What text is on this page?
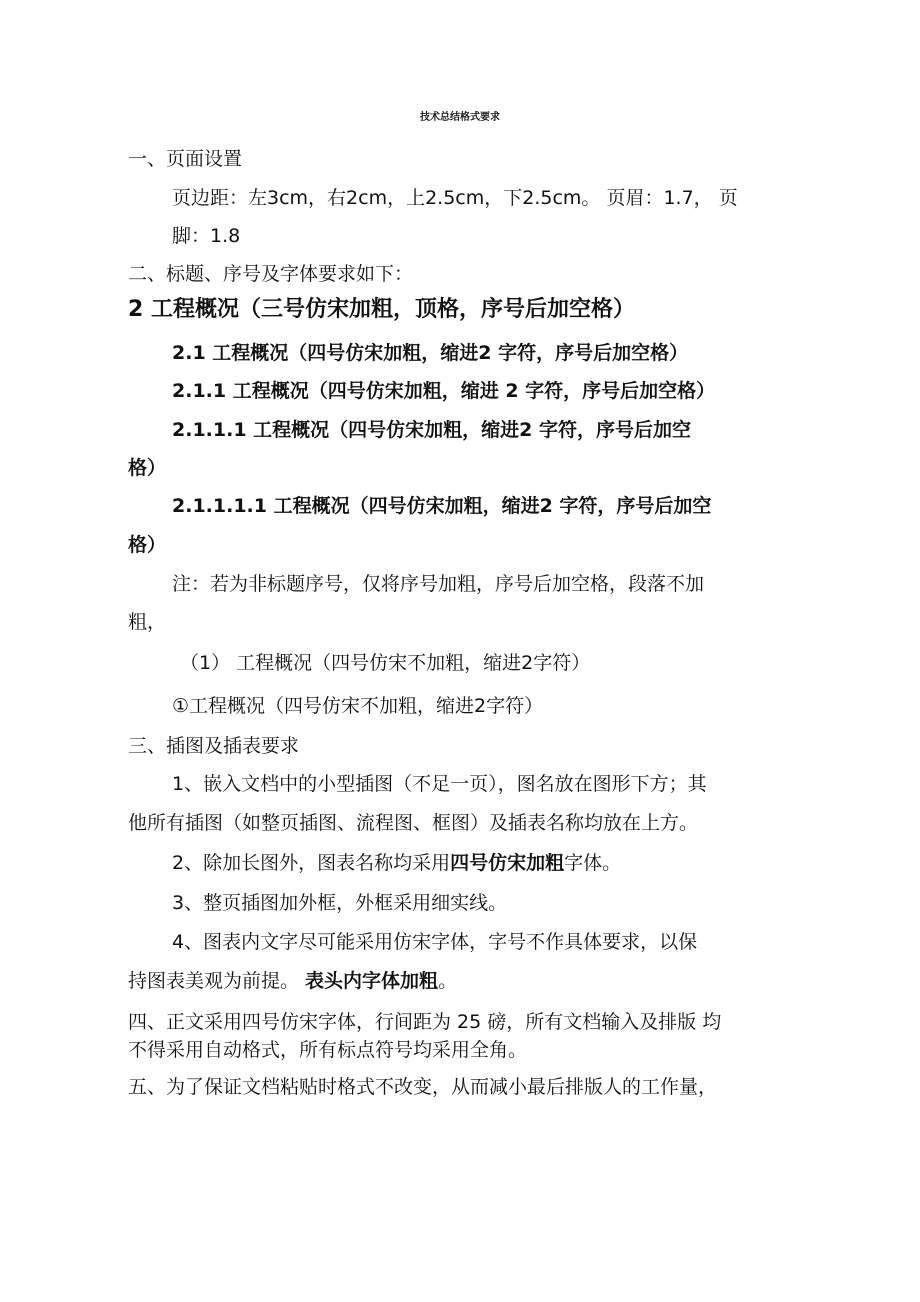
技术总结格式要求
一、页面设置
页边距：左3cm，右2cm，上2.5cm，下2.5cm。 页眉：1.7， 页
脚：1.8
二、标题、序号及字体要求如下：
2 工程概况（三号仿宋加粗，顶格，序号后加空格）
2.1 工程概况（四号仿宋加粗，缩进2 字符，序号后加空格）
2.1.1 工程概况（四号仿宋加粗，缩进 2 字符，序号后加空格）
2.1.1.1 工程概况（四号仿宋加粗，缩进2 字符，序号后加空
格）
2.1.1.1.1 工程概况（四号仿宋加粗，缩进2 字符，序号后加空
格）
注：若为非标题序号，仅将序号加粗，序号后加空格，段落不加
粗，
（1） 工程概况（四号仿宋不加粗，缩进2字符）
①工程概况（四号仿宋不加粗，缩进2字符）
三、插图及插表要求
1、嵌入文档中的小型插图（不足一页），图名放在图形下方；其
他所有插图（如整页插图、流程图、框图）及插表名称均放在上方。
2、除加长图外，图表名称均采用四号仿宋加粗字体。
3、整页插图加外框，外框采用细实线。
4、图表内文字尽可能采用仿宋字体，字号不作具体要求，以保
持图表美观为前提。 表头内字体加粗。
四、正文采用四号仿宋字体，行间距为 25 磅，所有文档输入及排版 均
不得采用自动格式，所有标点符号均采用全角。
五、为了保证文档粘贴时格式不改变，从而减小最后排版人的工作量，
